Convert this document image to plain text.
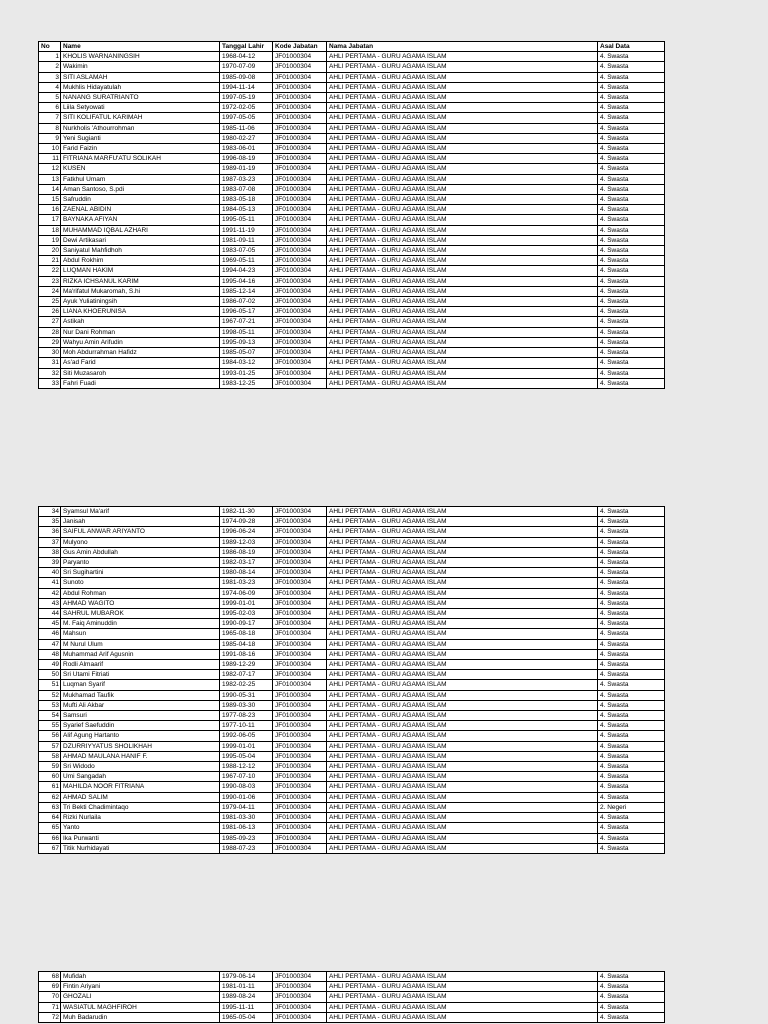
No	Name	Tanggal Lahir	Kode Jabatan	Nama Jabatan	Asal Data
1	KHOLIS WARNANINGSIH	1968-04-12	JF01000304	AHLI PERTAMA - GURU AGAMA ISLAM	4. Swasta
2	Wakimin	1970-07-09	JF01000304	AHLI PERTAMA - GURU AGAMA ISLAM	4. Swasta
3	SITI ASLAMAH	1985-09-08	JF01000304	AHLI PERTAMA - GURU AGAMA ISLAM	4. Swasta
4	Mukhlis Hidayatulah	1994-11-14	JF01000304	AHLI PERTAMA - GURU AGAMA ISLAM	4. Swasta
5	NANANG SURATRIANTO	1997-05-19	JF01000304	AHLI PERTAMA - GURU AGAMA ISLAM	4. Swasta
6	Liila Setyowati	1972-02-05	JF01000304	AHLI PERTAMA - GURU AGAMA ISLAM	4. Swasta
7	SITI KOLIFATUL KARIMAH	1997-05-05	JF01000304	AHLI PERTAMA - GURU AGAMA ISLAM	4. Swasta
8	Nurkholis 'Athourrohman	1985-11-06	JF01000304	AHLI PERTAMA - GURU AGAMA ISLAM	4. Swasta
9	Yeni Sugianti	1980-02-27	JF01000304	AHLI PERTAMA - GURU AGAMA ISLAM	4. Swasta
10	Farid Faizin	1983-06-01	JF01000304	AHLI PERTAMA - GURU AGAMA ISLAM	4. Swasta
11	FITRIANA MARFU'ATU SOLIKAH	1996-08-19	JF01000304	AHLI PERTAMA - GURU AGAMA ISLAM	4. Swasta
12	KUSEN	1989-01-19	JF01000304	AHLI PERTAMA - GURU AGAMA ISLAM	4. Swasta
13	Fatkhul Umam	1987-03-23	JF01000304	AHLI PERTAMA - GURU AGAMA ISLAM	4. Swasta
14	Aman Santoso, S.pdi	1983-07-08	JF01000304	AHLI PERTAMA - GURU AGAMA ISLAM	4. Swasta
15	Safruddin	1983-05-18	JF01000304	AHLI PERTAMA - GURU AGAMA ISLAM	4. Swasta
16	ZAENAL ABIDIN	1984-05-13	JF01000304	AHLI PERTAMA - GURU AGAMA ISLAM	4. Swasta
17	BAYNAKA AFIYAN	1995-05-11	JF01000304	AHLI PERTAMA - GURU AGAMA ISLAM	4. Swasta
18	MUHAMMAD IQBAL AZHARI	1991-11-19	JF01000304	AHLI PERTAMA - GURU AGAMA ISLAM	4. Swasta
19	Dewi Artikasari	1981-09-11	JF01000304	AHLI PERTAMA - GURU AGAMA ISLAM	4. Swasta
20	Saniyatul Mahfidhoh	1983-07-05	JF01000304	AHLI PERTAMA - GURU AGAMA ISLAM	4. Swasta
21	Abdul Rokhim	1969-05-11	JF01000304	AHLI PERTAMA - GURU AGAMA ISLAM	4. Swasta
22	LUQMAN HAKIM	1994-04-23	JF01000304	AHLI PERTAMA - GURU AGAMA ISLAM	4. Swasta
23	RIZKA ICHSANUL KARIM	1995-04-16	JF01000304	AHLI PERTAMA - GURU AGAMA ISLAM	4. Swasta
24	Ma'rifatul Mukaromah, S.hi	1985-12-14	JF01000304	AHLI PERTAMA - GURU AGAMA ISLAM	4. Swasta
25	Ayuk Yuliatiningsih	1986-07-02	JF01000304	AHLI PERTAMA - GURU AGAMA ISLAM	4. Swasta
26	LIANA KHOERUNISA	1996-05-17	JF01000304	AHLI PERTAMA - GURU AGAMA ISLAM	4. Swasta
27	Astikah	1967-07-21	JF01000304	AHLI PERTAMA - GURU AGAMA ISLAM	4. Swasta
28	Nur Dani Rohman	1998-05-11	JF01000304	AHLI PERTAMA - GURU AGAMA ISLAM	4. Swasta
29	Wahyu Amin Arifudin	1995-09-13	JF01000304	AHLI PERTAMA - GURU AGAMA ISLAM	4. Swasta
30	Moh Abdurrahman Hafidz	1985-05-07	JF01000304	AHLI PERTAMA - GURU AGAMA ISLAM	4. Swasta
31	As'ad Farid	1984-03-12	JF01000304	AHLI PERTAMA - GURU AGAMA ISLAM	4. Swasta
32	Siti Muzasaroh	1993-01-25	JF01000304	AHLI PERTAMA - GURU AGAMA ISLAM	4. Swasta
33	Fahri Fuadi	1983-12-25	JF01000304	AHLI PERTAMA - GURU AGAMA ISLAM	4. Swasta
34	Syamsul Ma'arif	1982-11-30	JF01000304	AHLI PERTAMA - GURU AGAMA ISLAM	4. Swasta
35	Janisah	1974-09-28	JF01000304	AHLI PERTAMA - GURU AGAMA ISLAM	4. Swasta
36	SAIFUL ANWAR ARIYANTO	1996-06-24	JF01000304	AHLI PERTAMA - GURU AGAMA ISLAM	4. Swasta
37	Mulyono	1989-12-03	JF01000304	AHLI PERTAMA - GURU AGAMA ISLAM	4. Swasta
38	Gus Amin Abdullah	1986-08-19	JF01000304	AHLI PERTAMA - GURU AGAMA ISLAM	4. Swasta
39	Paryanto	1982-03-17	JF01000304	AHLI PERTAMA - GURU AGAMA ISLAM	4. Swasta
40	Sri Sugihartini	1980-08-14	JF01000304	AHLI PERTAMA - GURU AGAMA ISLAM	4. Swasta
41	Sunoto	1981-03-23	JF01000304	AHLI PERTAMA - GURU AGAMA ISLAM	4. Swasta
42	Abdul Rohman	1974-06-09	JF01000304	AHLI PERTAMA - GURU AGAMA ISLAM	4. Swasta
43	AHMAD WAGITO	1999-01-01	JF01000304	AHLI PERTAMA - GURU AGAMA ISLAM	4. Swasta
44	SAHRUL MUBAROK	1995-02-03	JF01000304	AHLI PERTAMA - GURU AGAMA ISLAM	4. Swasta
45	M. Faiq Aminuddin	1990-09-17	JF01000304	AHLI PERTAMA - GURU AGAMA ISLAM	4. Swasta
46	Mahsun	1965-08-18	JF01000304	AHLI PERTAMA - GURU AGAMA ISLAM	4. Swasta
47	M Nurul Ulum	1985-04-18	JF01000304	AHLI PERTAMA - GURU AGAMA ISLAM	4. Swasta
48	Muhammad Arif Agusnin	1991-08-16	JF01000304	AHLI PERTAMA - GURU AGAMA ISLAM	4. Swasta
49	Rodli Almaarif	1989-12-29	JF01000304	AHLI PERTAMA - GURU AGAMA ISLAM	4. Swasta
50	Sri Utami Fitriati	1982-07-17	JF01000304	AHLI PERTAMA - GURU AGAMA ISLAM	4. Swasta
51	Luqman Syarif	1982-02-25	JF01000304	AHLI PERTAMA - GURU AGAMA ISLAM	4. Swasta
52	Mukhamad Taufik	1990-05-31	JF01000304	AHLI PERTAMA - GURU AGAMA ISLAM	4. Swasta
53	Mufti Ali Akbar	1989-03-30	JF01000304	AHLI PERTAMA - GURU AGAMA ISLAM	4. Swasta
54	Samsuri	1977-08-23	JF01000304	AHLI PERTAMA - GURU AGAMA ISLAM	4. Swasta
55	Syarief Saefuddin	1977-10-11	JF01000304	AHLI PERTAMA - GURU AGAMA ISLAM	4. Swasta
56	Alif Agung Hartanto	1992-06-05	JF01000304	AHLI PERTAMA - GURU AGAMA ISLAM	4. Swasta
57	DZURRIYYATUS SHOLIKHAH	1999-01-01	JF01000304	AHLI PERTAMA - GURU AGAMA ISLAM	4. Swasta
58	AHMAD MAULANA HANIF F.	1995-05-04	JF01000304	AHLI PERTAMA - GURU AGAMA ISLAM	4. Swasta
59	Sri Widodo	1988-12-12	JF01000304	AHLI PERTAMA - GURU AGAMA ISLAM	4. Swasta
60	Umi Sangadah	1967-07-10	JF01000304	AHLI PERTAMA - GURU AGAMA ISLAM	4. Swasta
61	MAHILDA NOOR FITRIANA	1990-08-03	JF01000304	AHLI PERTAMA - GURU AGAMA ISLAM	4. Swasta
62	AHMAD SALIM	1990-01-06	JF01000304	AHLI PERTAMA - GURU AGAMA ISLAM	4. Swasta
63	Tri Bekti Chadimintaqo	1979-04-11	JF01000304	AHLI PERTAMA - GURU AGAMA ISLAM	2. Negeri
64	Rizki Nurlaila	1981-03-30	JF01000304	AHLI PERTAMA - GURU AGAMA ISLAM	4. Swasta
65	Yanto	1981-06-13	JF01000304	AHLI PERTAMA - GURU AGAMA ISLAM	4. Swasta
66	Ika Purwanti	1985-09-23	JF01000304	AHLI PERTAMA - GURU AGAMA ISLAM	4. Swasta
67	Titik Nurhidayati	1988-07-23	JF01000304	AHLI PERTAMA - GURU AGAMA ISLAM	4. Swasta
68	Mufidah	1979-06-14	JF01000304	AHLI PERTAMA - GURU AGAMA ISLAM	4. Swasta
69	Fintin Ariyani	1981-01-11	JF01000304	AHLI PERTAMA - GURU AGAMA ISLAM	4. Swasta
70	GHOZALI	1989-08-24	JF01000304	AHLI PERTAMA - GURU AGAMA ISLAM	4. Swasta
71	WASIATUL MAGHFIROH	1995-11-11	JF01000304	AHLI PERTAMA - GURU AGAMA ISLAM	4. Swasta
72	Muh Badarudin	1965-05-04	JF01000304	AHLI PERTAMA - GURU AGAMA ISLAM	4. Swasta
